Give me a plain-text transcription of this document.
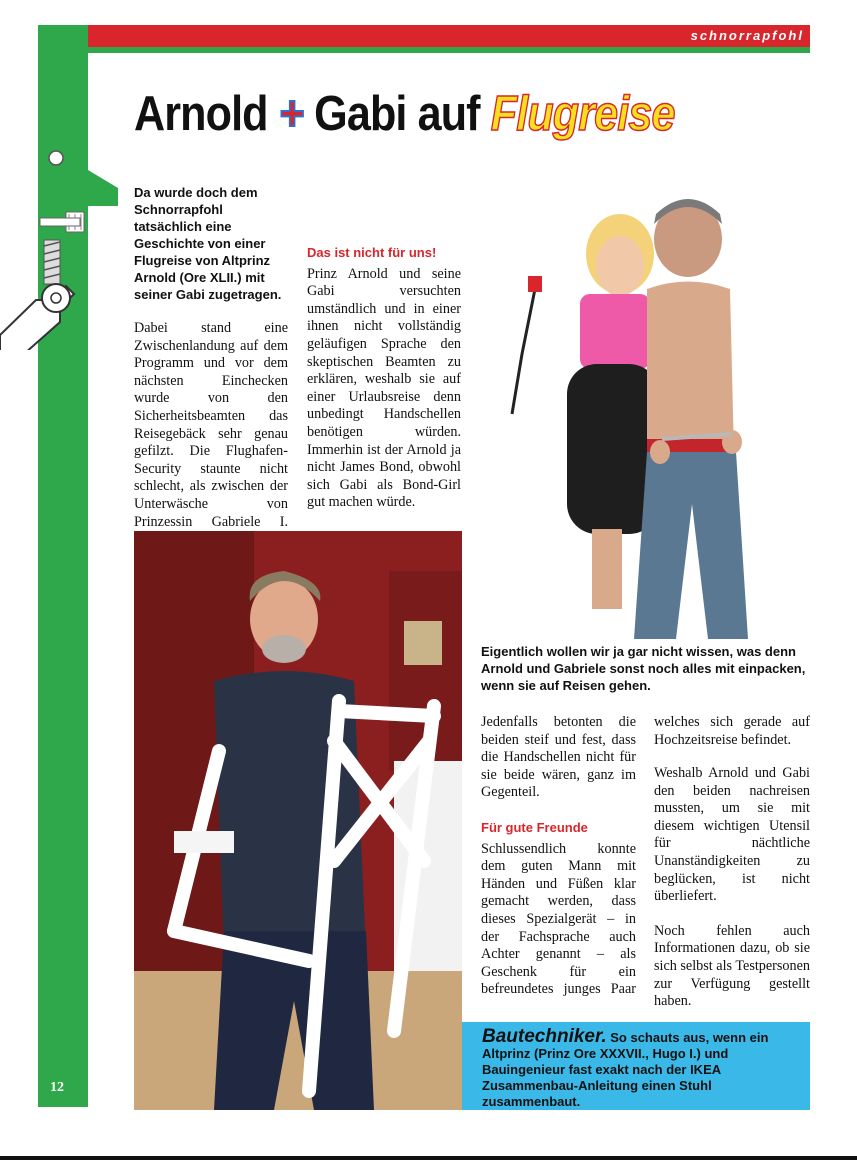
schnorrapfohl
Arnold + Gabi auf Flugreise
Da wurde doch dem Schnorrapfohl tatsächlich eine Geschichte von einer Flugreise von Altprinz Arnold (Ore XLII.) mit seiner Gabi zugetragen.

Dabei stand eine Zwischenlandung auf dem Programm und vor dem nächsten Einchecken wurde von den Sicherheitsbeamten das Reisegebäck sehr genau gefilzt. Die Flughafen-Security staunte nicht schlecht, als zwischen der Unterwäsche von Prinzessin Gabriele I.

Das ist nicht für uns!

Prinz Arnold und seine Gabi versuchten umständlich und in einer ihnen nicht vollständig geläufigen Sprache den skeptischen Beamten zu erklären, weshalb sie auf einer Urlaubsreise denn unbedingt Handschellen benötigen würden. Immerhin ist der Arnold ja nicht James Bond, obwohl sich Gabi als Bond-Girl gut machen würde.

Eigentlich wollen wir ja gar nicht wissen, was denn Arnold und Gabriele sonst noch alles mit einpacken, wenn sie auf Reisen gehen.

Jedenfalls betonten die beiden steif und fest, dass die Handschellen nicht für sie beide wären, ganz im Gegenteil.

Für gute Freunde

Schlussendlich konnte dem guten Mann mit Händen und Füßen klar gemacht werden, dass dieses Spezialgerät – in der Fachsprache auch Achter genannt – als Geschenk für ein befreundetes junges Paar

welches sich gerade auf Hochzeitsreise befindet.

Weshalb Arnold und Gabi den beiden nachreisen mussten, um sie mit diesem wichtigen Utensil für nächtliche Unanständigkeiten zu beglücken, ist nicht überliefert.

Noch fehlen auch Informationen dazu, ob sie sich selbst als Testpersonen zur Verfügung gestellt haben.

Bautechniker. So schauts aus, wenn ein Altprinz (Prinz Ore XXXVII., Hugo I.) und Bauingenieur fast exakt nach der IKEA Zusammenbau-Anleitung einen Stuhl zusammenbaut.
12
